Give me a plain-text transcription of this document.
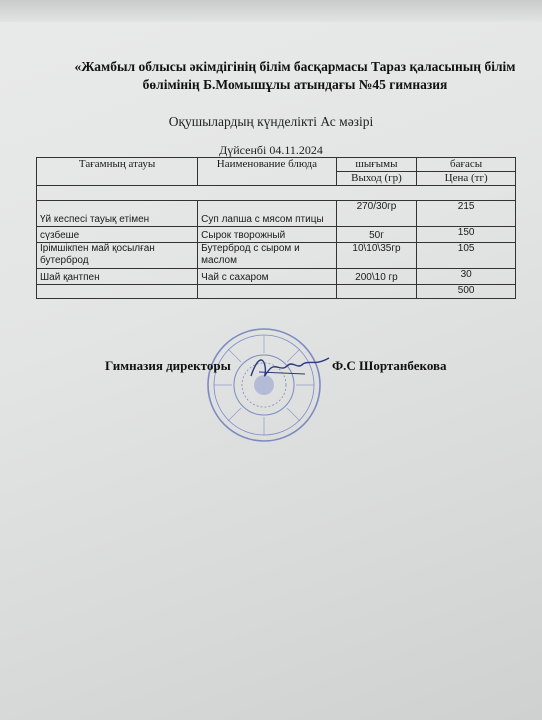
«Жамбыл облысы әкімдігінің білім басқармасы Тараз қаласының білім бөлімінің Б.Момышұлы атындағы №45 гимназия
Оқушылардың күнделікті Ас мәзірі
Дүйсенбі 04.11.2024
Тағамның атауы	Наименование блюда	шығымы	бағасы
		Выход (гр)	Цена (тг)

Үй кеспесі тауық етімен	Суп лапша с мясом птицы	270/30гр	215
сүзбеше	Сырок творожный	50г	150
Ірімшікпен май қосылған бутерброд	Бутерброд с сыром и маслом	10\10\35гр	105
Шай қантпен	Чай с сахаром	200\10 гр	30
			500
Гимназия директоры	Ф.С Шортанбекова
